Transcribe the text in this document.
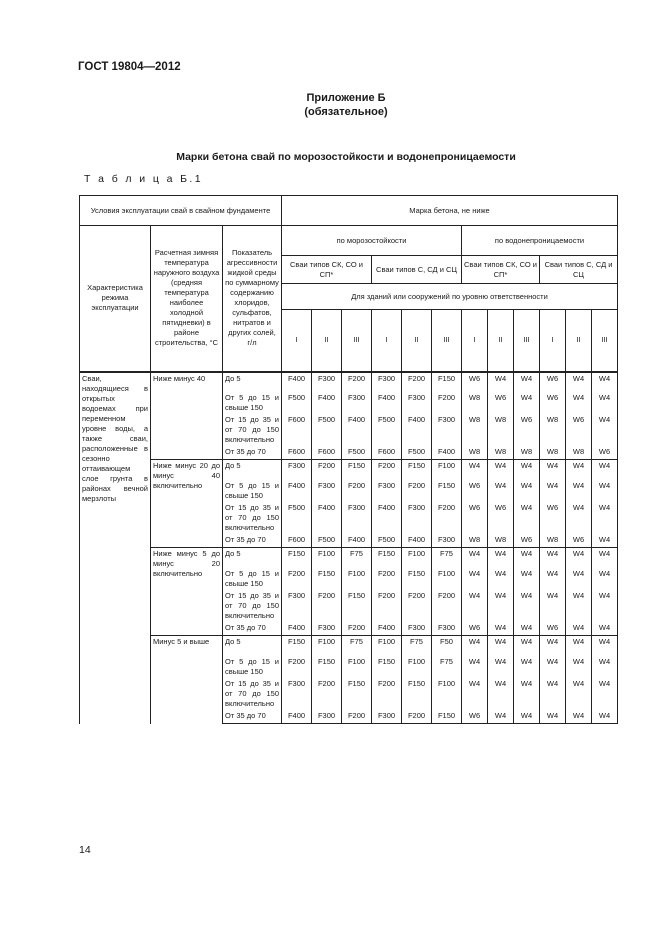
ГОСТ 19804—2012
Приложение Б
(обязательное)
Марки бетона свай по морозостойкости и водонепроницаемости
Т а б л и ц а Б.1
Условия эксплуатации свай в свайном фундаменте			Марка бетона, не ниже											
Характеристика режима эксплуатации	Расчетная зимняя температура наружного воздуха (средняя температура наиболее холодной пятидневки) в районе строительства, °С	Показатель агрессивности жидкой среды по суммарному содержанию хлоридов, сульфатов, нитратов и других солей, г/л	по морозостойкости						по водонепроницаемости					
			Сваи типов СК, СО и СП*			Сваи типов С, СД и СЦ			Сваи типов СК, СО и СП*			Сваи типов С, СД и СЦ		
			Для зданий или сооружений по уровню ответственности											
			I	II	III	I	II	III	I	II	III	I	II	III
Сваи, находящиеся в открытых водоемах при переменном уровне воды, а также сваи, расположенные в сезонно оттаивающем слое грунта в районах вечной мерзлоты	Ниже минус 40	До 5	F400	F300	F200	F300	F200	F150	W6	W4	W4	W6	W4	W4
		От 5 до 15 и свыше 150	F500	F400	F300	F400	F300	F200	W8	W6	W4	W6	W4	W4
		От 15 до 35 и от 70 до 150 включительно	F600	F500	F400	F500	F400	F300	W8	W8	W6	W8	W6	W4
		От 35 до 70	F600	F600	F500	F600	F500	F400	W8	W8	W8	W8	W8	W6
	Ниже минус 20 до минус 40 включительно	До 5	F300	F200	F150	F200	F150	F100	W4	W4	W4	W4	W4	W4
		От 5 до 15 и свыше 150	F400	F300	F200	F300	F200	F150	W6	W4	W4	W4	W4	W4
		От 15 до 35 и от 70 до 150 включительно	F500	F400	F300	F400	F300	F200	W6	W6	W4	W6	W4	W4
		От 35 до 70	F600	F500	F400	F500	F400	F300	W8	W8	W6	W8	W6	W4
	Ниже минус 5 до минус 20 включительно	До 5	F150	F100	F75	F150	F100	F75	W4	W4	W4	W4	W4	W4
		От 5 до 15 и свыше 150	F200	F150	F100	F200	F150	F100	W4	W4	W4	W4	W4	W4
		От 15 до 35 и от 70 до 150 включительно	F300	F200	F150	F200	F200	F200	W4	W4	W4	W4	W4	W4
		От 35 до 70	F400	F300	F200	F400	F300	F300	W6	W4	W4	W6	W4	W4
	Минус 5 и выше	До 5	F150	F100	F75	F100	F75	F50	W4	W4	W4	W4	W4	W4
		От 5 до 15 и свыше 150	F200	F150	F100	F150	F100	F75	W4	W4	W4	W4	W4	W4
		От 15 до 35 и от 70 до 150 включительно	F300	F200	F150	F200	F150	F100	W4	W4	W4	W4	W4	W4
		От 35 до 70	F400	F300	F200	F300	F200	F150	W6	W4	W4	W4	W4	W4
14
